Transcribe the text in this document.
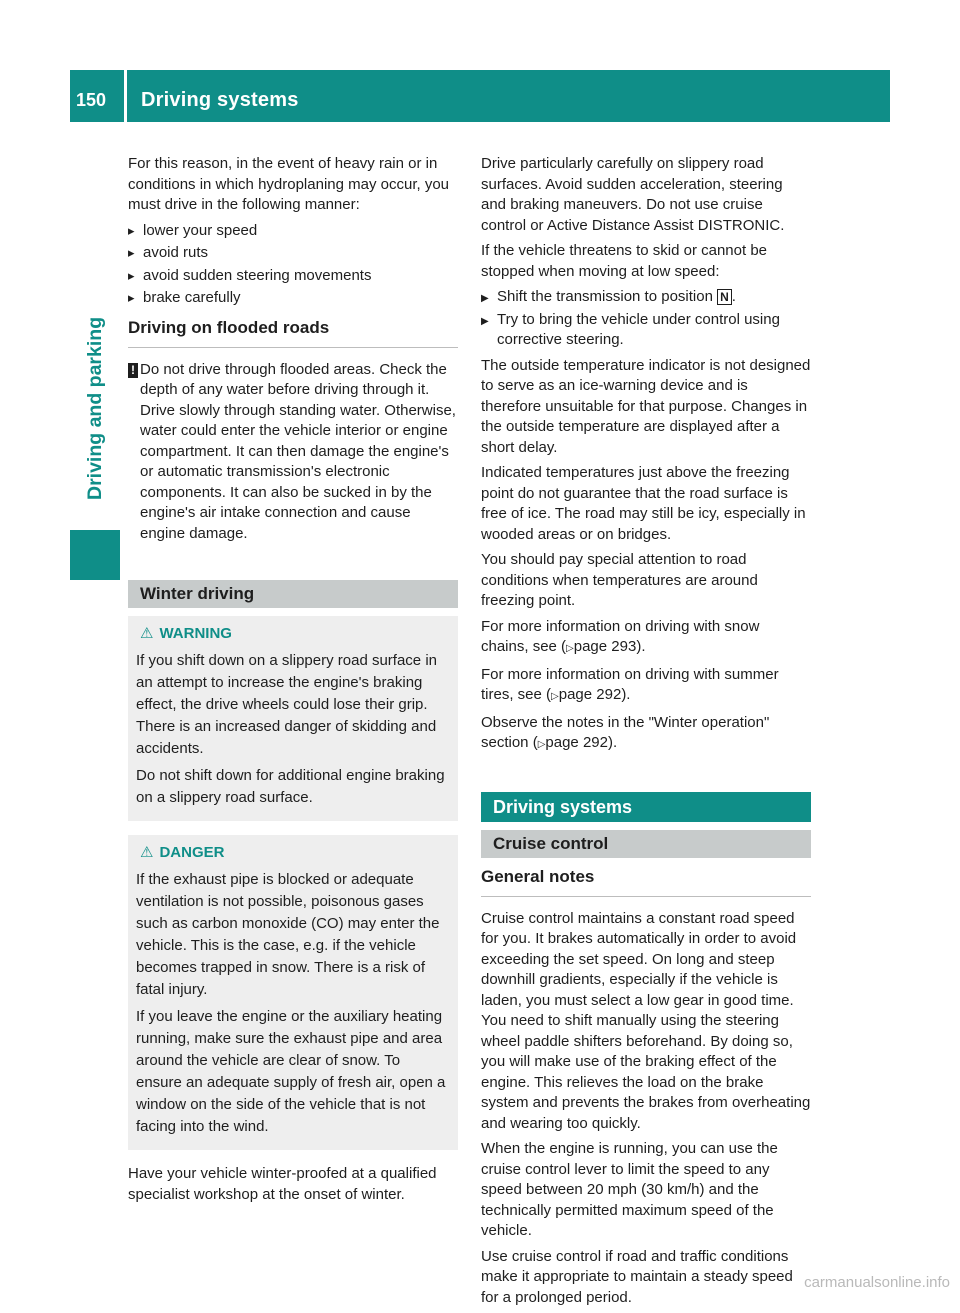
150	Driving systems
Driving and parking

For this reason, in the event of heavy rain or in conditions in which hydroplaning may occur, you must drive in the following manner:

▸ lower your speed
▸ avoid ruts
▸ avoid sudden steering movements
▸ brake carefully
Driving on flooded roads
! Do not drive through flooded areas. Check the depth of any water before driving through it. Drive slowly through standing water. Otherwise, water could enter the vehicle interior or engine compartment. It can then damage the engine's or automatic transmission's electronic components. It can also be sucked in by the engine's air intake connection and cause engine damage.
Winter driving
⚠ WARNING

If you shift down on a slippery road surface in an attempt to increase the engine's braking effect, the drive wheels could lose their grip. There is an increased danger of skidding and accidents.

Do not shift down for additional engine braking on a slippery road surface.

⚠ DANGER

If the exhaust pipe is blocked or adequate ventilation is not possible, poisonous gases such as carbon monoxide (CO) may enter the vehicle. This is the case, e.g. if the vehicle becomes trapped in snow. There is a risk of fatal injury.

If you leave the engine or the auxiliary heating running, make sure the exhaust pipe and area around the vehicle are clear of snow. To ensure an adequate supply of fresh air, open a window on the side of the vehicle that is not facing into the wind.

Have your vehicle winter-proofed at a qualified specialist workshop at the onset of winter.

Drive particularly carefully on slippery road surfaces. Avoid sudden acceleration, steering and braking maneuvers. Do not use cruise control or Active Distance Assist DISTRONIC.

If the vehicle threatens to skid or cannot be stopped when moving at low speed:

▶ Shift the transmission to position N .
▶ Try to bring the vehicle under control using corrective steering.

The outside temperature indicator is not designed to serve as an ice-warning device and is therefore unsuitable for that purpose. Changes in the outside temperature are displayed after a short delay.

Indicated temperatures just above the freezing point do not guarantee that the road surface is free of ice. The road may still be icy, especially in wooded areas or on bridges.

You should pay special attention to road conditions when temperatures are around freezing point.

For more information on driving with snow chains, see (▷page 293).

For more information on driving with summer tires, see (▷page 292).

Observe the notes in the "Winter operation" section (▷page 292).

Driving systems
Cruise control
General notes

Cruise control maintains a constant road speed for you. It brakes automatically in order to avoid exceeding the set speed. On long and steep downhill gradients, especially if the vehicle is laden, you must select a low gear in good time. You need to shift manually using the steering wheel paddle shifters beforehand. By doing so, you will make use of the braking effect of the engine. This relieves the load on the brake system and prevents the brakes from overheating and wearing too quickly.

When the engine is running, you can use the cruise control lever to limit the speed to any speed between 20 mph (30 km/h) and the technically permitted maximum speed of the vehicle.

Use cruise control if road and traffic conditions make it appropriate to maintain a steady speed for a prolonged period.

carmanualsonline.info
